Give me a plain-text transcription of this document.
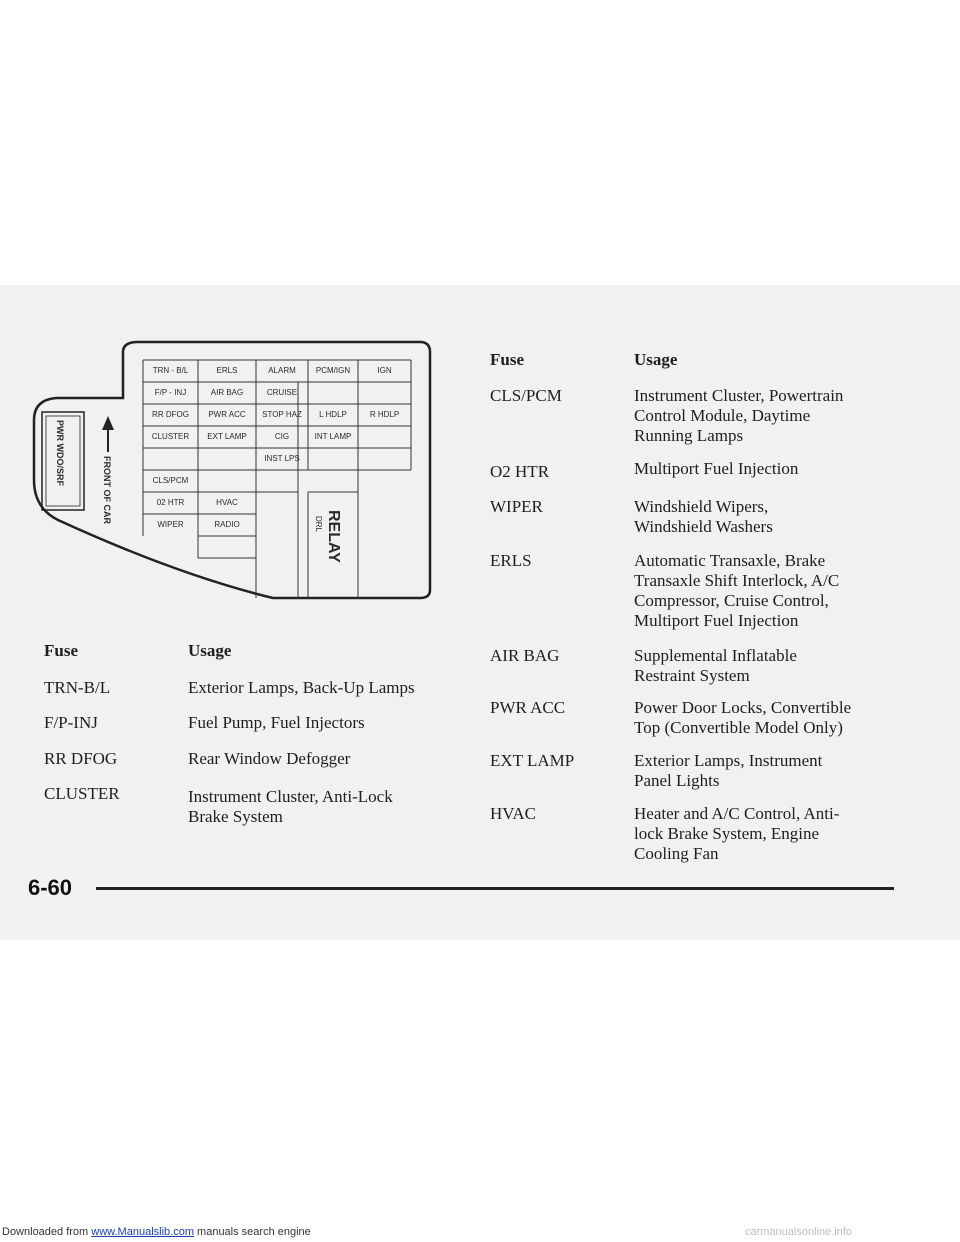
TRN - B/L	ERLS	ALARM	PCM/IGN	IGN
F/P - INJ	AIR BAG	CRUISE
RR DFOG	PWR ACC	STOP HAZ	L HDLP	R HDLP
CLUSTER	EXT LAMP	CIG	INT LAMP
INST LPS
CLS/PCM
02 HTR	HVAC
WIPER	RADIO	RELAY
DRL
PWR WDO/SRF
FRONT OF CAR
Fuse	Usage
TRN-B/L	Exterior Lamps, Back-Up Lamps
F/P-INJ	Fuel Pump, Fuel Injectors
RR DFOG	Rear Window Defogger
CLUSTER	Instrument Cluster, Anti-Lock Brake System
Fuse	Usage
CLS/PCM	Instrument Cluster, Powertrain Control Module, Daytime Running Lamps
O2 HTR	Multiport Fuel Injection
WIPER	Windshield Wipers, Windshield Washers
ERLS	Automatic Transaxle, Brake Transaxle Shift Interlock, A/C Compressor, Cruise Control, Multiport Fuel Injection
AIR BAG	Supplemental Inflatable Restraint System
PWR ACC	Power Door Locks, Convertible Top (Convertible Model Only)
EXT LAMP	Exterior Lamps, Instrument Panel Lights
HVAC	Heater and A/C Control, Anti-lock Brake System, Engine Cooling Fan
6-60
Downloaded from www.Manualslib.com manuals search engine	carmanualsonline.info
